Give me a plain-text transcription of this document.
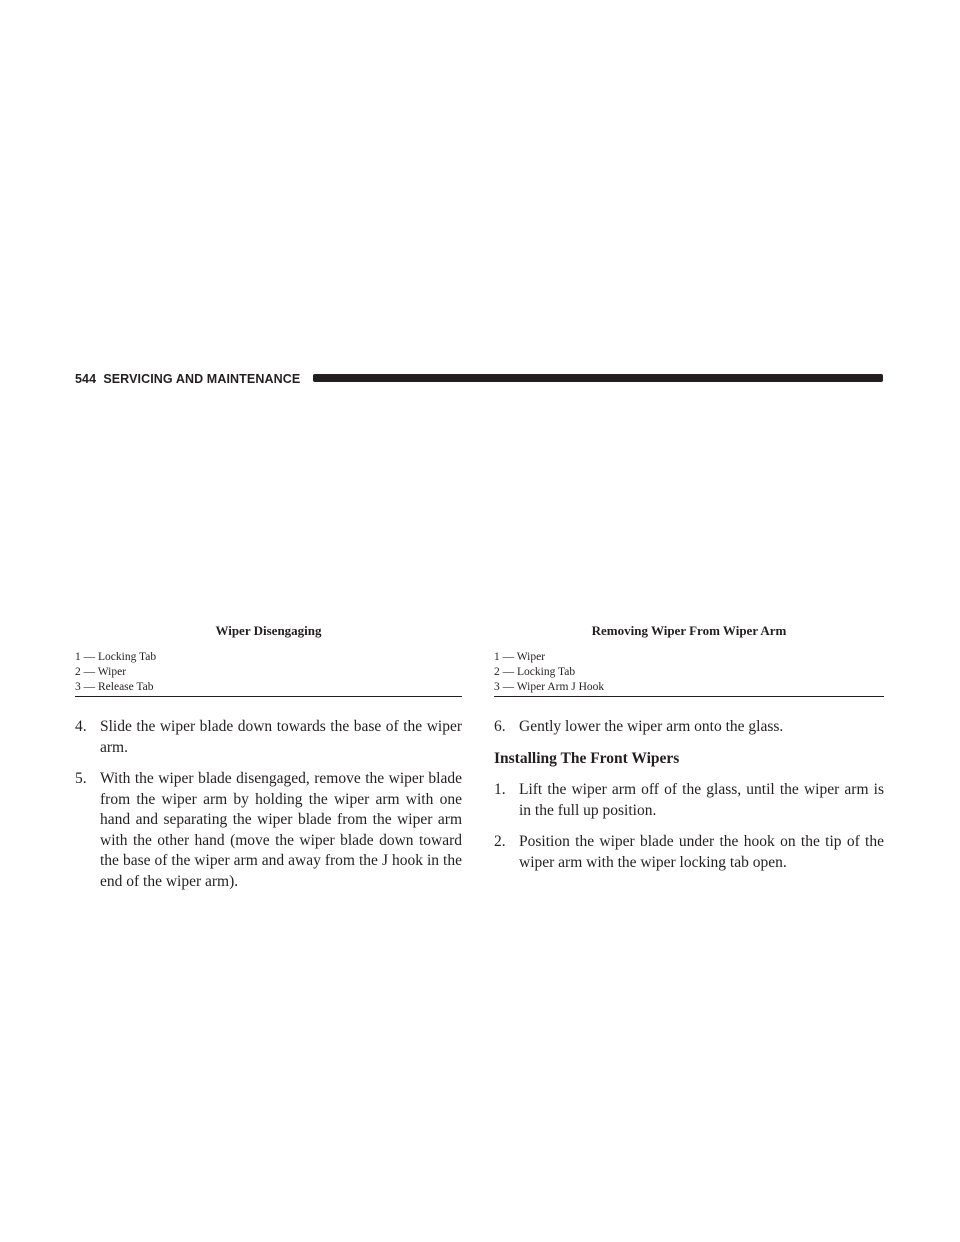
544 SERVICING AND MAINTENANCE
Wiper Disengaging
1 — Locking Tab
2 — Wiper
3 — Release Tab
Removing Wiper From Wiper Arm
1 — Wiper
2 — Locking Tab
3 — Wiper Arm J Hook

4. Slide the wiper blade down towards the base of the wiper arm.

5. With the wiper blade disengaged, remove the wiper blade from the wiper arm by holding the wiper arm with one hand and separating the wiper blade from the wiper arm with the other hand (move the wiper blade down toward the base of the wiper arm and away from the J hook in the end of the wiper arm).

6. Gently lower the wiper arm onto the glass.

Installing The Front Wipers

1. Lift the wiper arm off of the glass, until the wiper arm is in the full up position.

2. Position the wiper blade under the hook on the tip of the wiper arm with the wiper locking tab open.
